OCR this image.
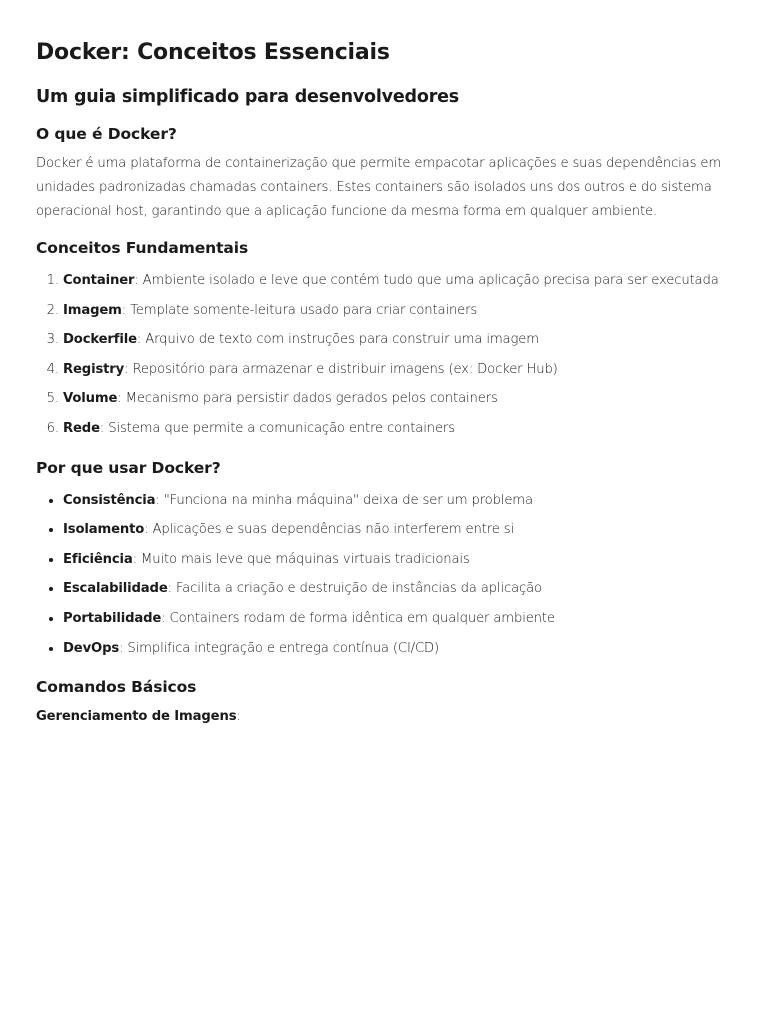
Docker: Conceitos Essenciais
Um guia simplificado para desenvolvedores
O que é Docker?

Docker é uma plataforma de containerização que permite empacotar aplicações e suas dependências em unidades padronizadas chamadas containers. Estes containers são isolados uns dos outros e do sistema operacional host, garantindo que a aplicação funcione da mesma forma em qualquer ambiente.

Conceitos Fundamentais
1. Container: Ambiente isolado e leve que contém tudo que uma aplicação precisa para ser executada
2. Imagem: Template somente-leitura usado para criar containers
3. Dockerfile: Arquivo de texto com instruções para construir uma imagem
4. Registry: Repositório para armazenar e distribuir imagens (ex: Docker Hub)
5. Volume: Mecanismo para persistir dados gerados pelos containers
6. Rede: Sistema que permite a comunicação entre containers
Por que usar Docker?
• Consistência: "Funciona na minha máquina" deixa de ser um problema
• Isolamento: Aplicações e suas dependências não interferem entre si
• Eficiência: Muito mais leve que máquinas virtuais tradicionais
• Escalabilidade: Facilita a criação e destruição de instâncias da aplicação
• Portabilidade: Containers rodam de forma idêntica em qualquer ambiente
• DevOps: Simplifica integração e entrega contínua (CI/CD)
Comandos Básicos

Gerenciamento de Imagens:
